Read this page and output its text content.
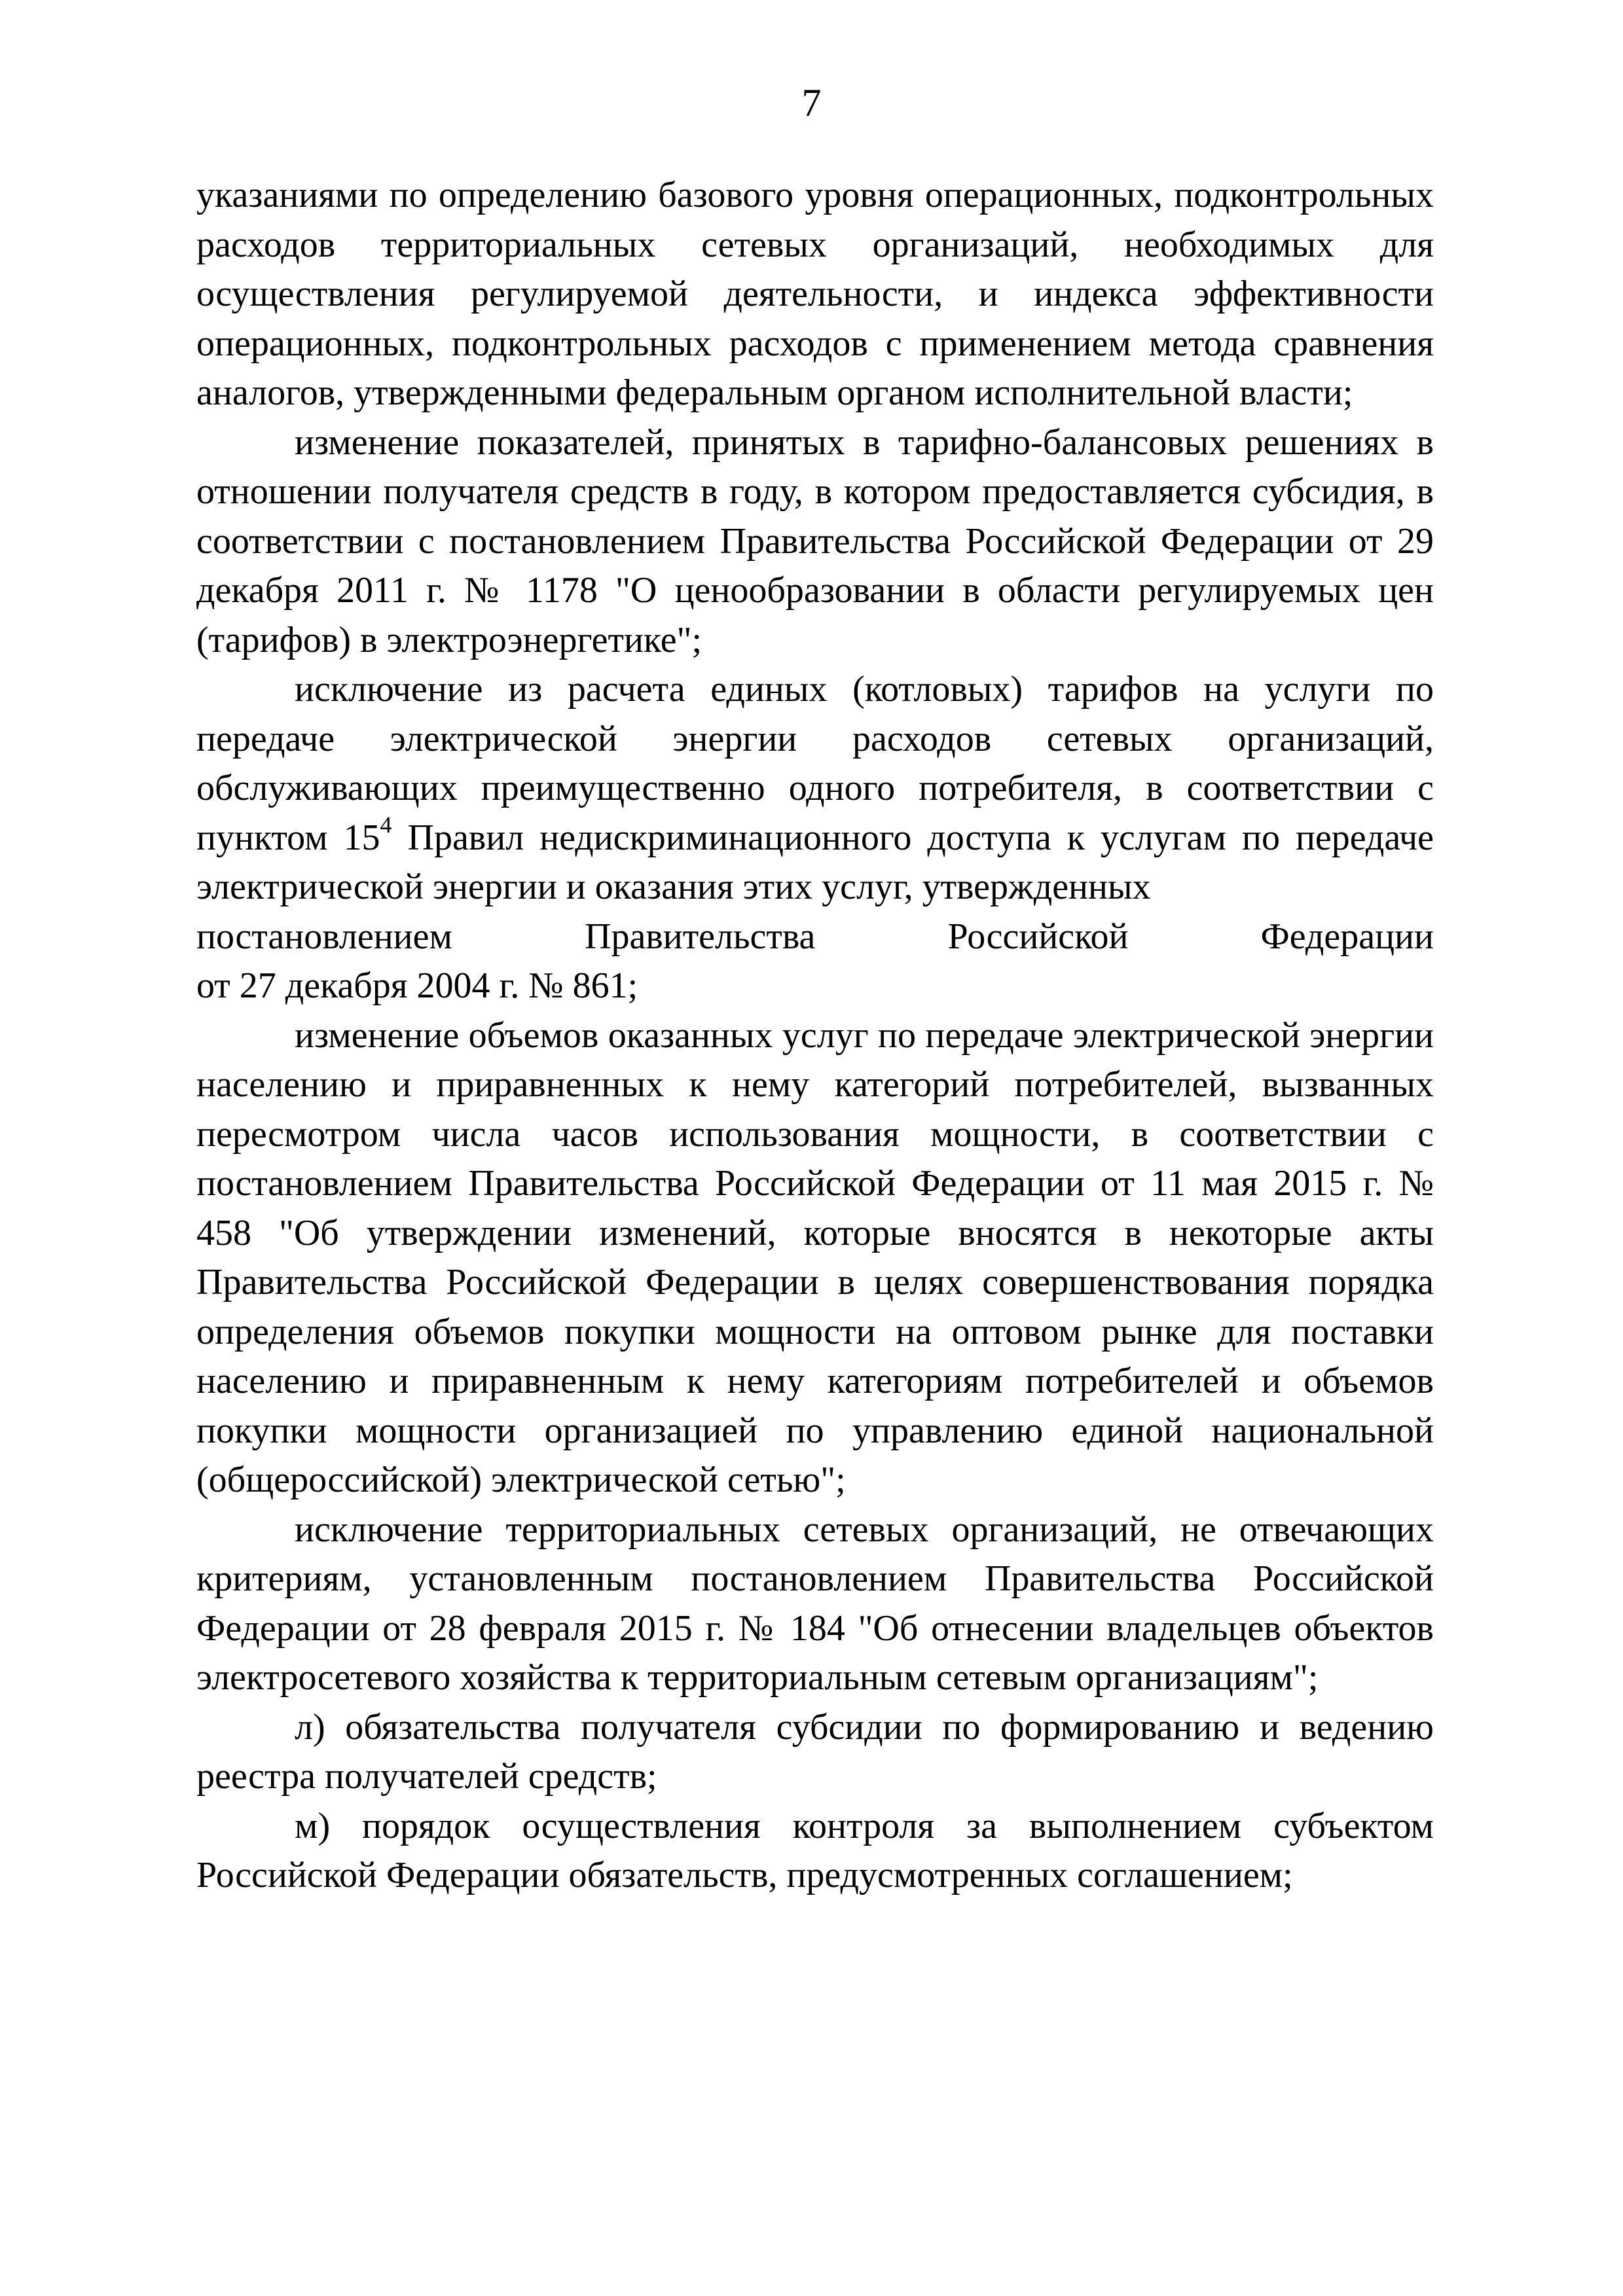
7

указаниями по определению базового уровня операционных, подконтрольных расходов территориальных сетевых организаций, необходимых для осуществления регулируемой деятельности, и индекса эффективности операционных, подконтрольных расходов с применением метода сравнения аналогов, утвержденными федеральным органом исполнительной власти;

изменение показателей, принятых в тарифно-балансовых решениях в отношении получателя средств в году, в котором предоставляется субсидия, в соответствии с постановлением Правительства Российской Федерации от 29 декабря 2011 г. № 1178 "О ценообразовании в области регулируемых цен (тарифов) в электроэнергетике";

исключение из расчета единых (котловых) тарифов на услуги по передаче электрической энергии расходов сетевых организаций, обслуживающих преимущественно одного потребителя, в соответствии с пунктом $15^4$ Правил недискриминационного доступа к услугам по передаче электрической энергии и оказания этих услуг, утвержденных

постановлением	Правительства	Российской	Федерации

от 27 декабря 2004 г. № 861;

изменение объемов оказанных услуг по передаче электрической энергии населению и приравненных к нему категорий потребителей, вызванных пересмотром числа часов использования мощности, в соответствии с постановлением Правительства Российской Федерации от 11 мая 2015 г. № 458 "Об утверждении изменений, которые вносятся в некоторые акты Правительства Российской Федерации в целях совершенствования порядка определения объемов покупки мощности на оптовом рынке для поставки населению и приравненным к нему категориям потребителей и объемов покупки мощности организацией по управлению единой национальной (общероссийской) электрической сетью";

исключение территориальных сетевых организаций, не отвечающих критериям, установленным постановлением Правительства Российской Федерации от 28 февраля 2015 г. № 184 "Об отнесении владельцев объектов электросетевого хозяйства к территориальным сетевым организациям";

л) обязательства получателя субсидии по формированию и ведению реестра получателей средств;

м) порядок осуществления контроля за выполнением субъектом Российской Федерации обязательств, предусмотренных соглашением;
